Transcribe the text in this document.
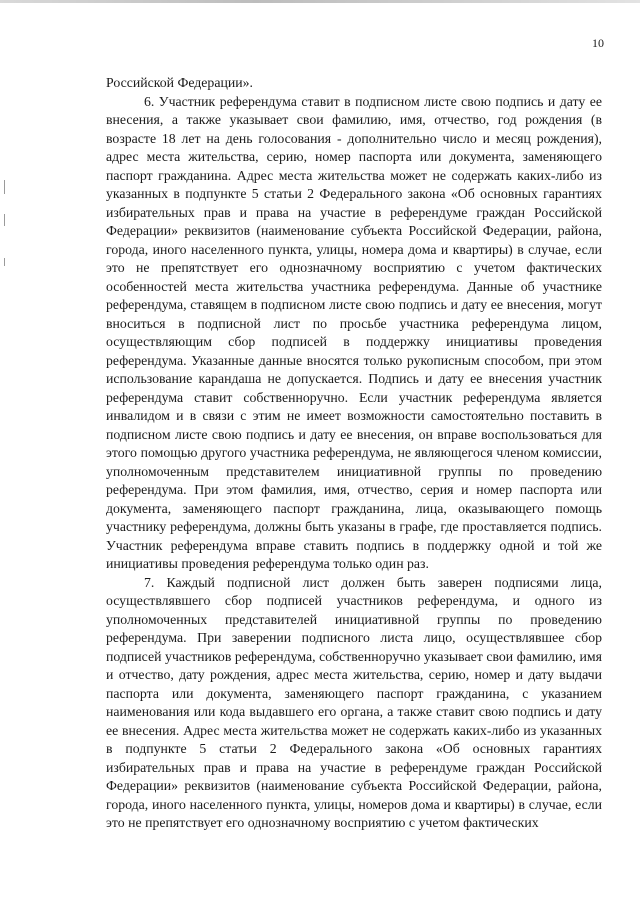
10

Российской Федерации».

6. Участник референдума ставит в подписном листе свою подпись и дату ее внесения, а также указывает свои фамилию, имя, отчество, год рождения (в возрасте 18 лет на день голосования - дополнительно число и месяц рождения), адрес места жительства, серию, номер паспорта или документа, заменяющего паспорт гражданина. Адрес места жительства может не содержать каких-либо из указанных в подпункте 5 статьи 2 Федерального закона «Об основных гарантиях избирательных прав и права на участие в референдуме граждан Российской Федерации» реквизитов (наименование субъекта Российской Федерации, района, города, иного населенного пункта, улицы, номера дома и квартиры) в случае, если это не препятствует его однозначному восприятию с учетом фактических особенностей места жительства участника референдума. Данные об участнике референдума, ставящем в подписном листе свою подпись и дату ее внесения, могут вноситься в подписной лист по просьбе участника референдума лицом, осуществляющим сбор подписей в поддержку инициативы проведения референдума. Указанные данные вносятся только рукописным способом, при этом использование карандаша не допускается. Подпись и дату ее внесения участник референдума ставит собственноручно. Если участник референдума является инвалидом и в связи с этим не имеет возможности самостоятельно поставить в подписном листе свою подпись и дату ее внесения, он вправе воспользоваться для этого помощью другого участника референдума, не являющегося членом комиссии, уполномоченным представителем инициативной группы по проведению референдума. При этом фамилия, имя, отчество, серия и номер паспорта или документа, заменяющего паспорт гражданина, лица, оказывающего помощь участнику референдума, должны быть указаны в графе, где проставляется подпись. Участник референдума вправе ставить подпись в поддержку одной и той же инициативы проведения референдума только один раз.

7. Каждый подписной лист должен быть заверен подписями лица, осуществлявшего сбор подписей участников референдума, и одного из уполномоченных представителей инициативной группы по проведению референдума. При заверении подписного листа лицо, осуществлявшее сбор подписей участников референдума, собственноручно указывает свои фамилию, имя и отчество, дату рождения, адрес места жительства, серию, номер и дату выдачи паспорта или документа, заменяющего паспорт гражданина, с указанием наименования или кода выдавшего его органа, а также ставит свою подпись и дату ее внесения. Адрес места жительства может не содержать каких-либо из указанных в подпункте 5 статьи 2 Федерального закона «Об основных гарантиях избирательных прав и права на участие в референдуме граждан Российской Федерации» реквизитов (наименование субъекта Российской Федерации, района, города, иного населенного пункта, улицы, номеров дома и квартиры) в случае, если это не препятствует его однозначному восприятию с учетом фактических
